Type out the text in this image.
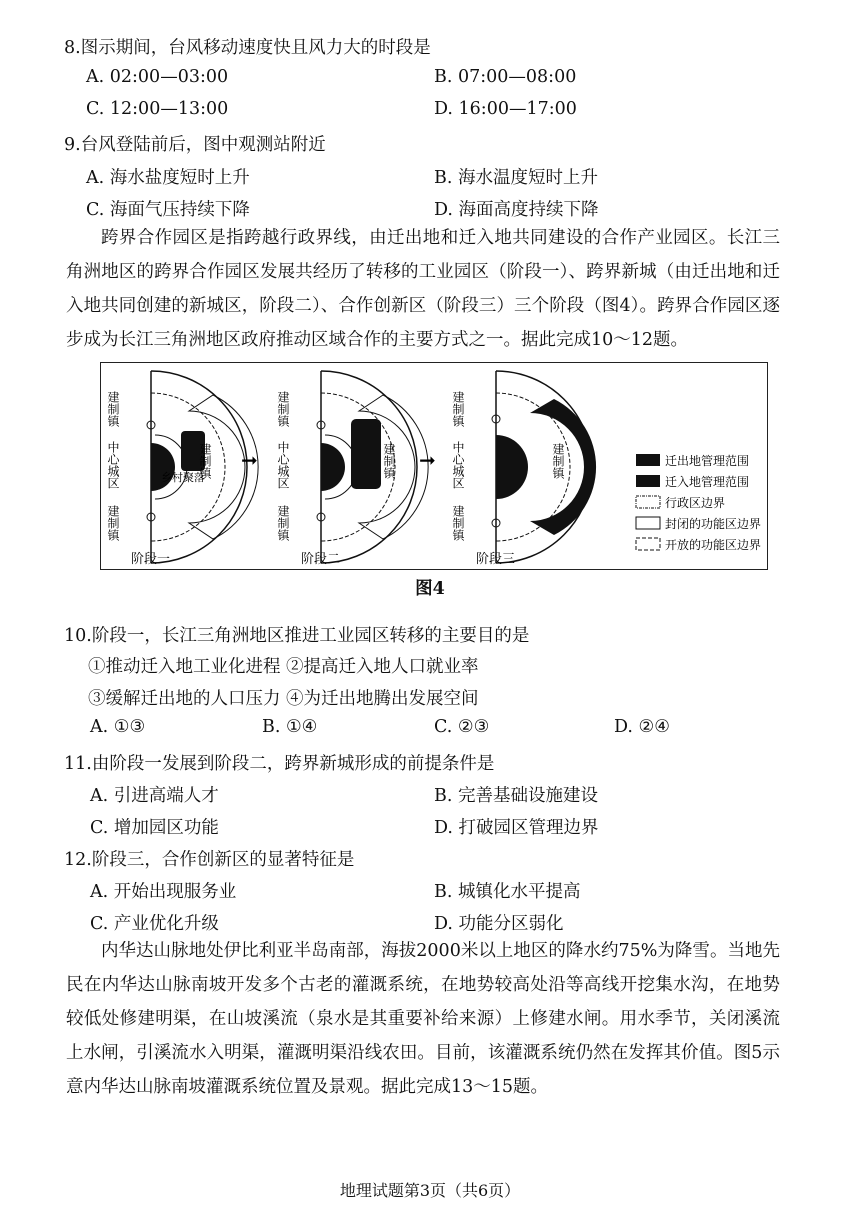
8.图示期间，台风移动速度快且风力大的时段是
A. 02:00—03:00	B. 07:00—08:00
C. 12:00—13:00	D. 16:00—17:00
9.台风登陆前后，图中观测站附近
A. 海水盐度短时上升	B. 海水温度短时上升
C. 海面气压持续下降	D. 海面高度持续下降

跨界合作园区是指跨越行政界线，由迁出地和迁入地共同建设的合作产业园区。长江三角洲地区的跨界合作园区发展共经历了转移的工业园区（阶段一）、跨界新城（由迁出地和迁入地共同创建的新城区，阶段二）、合作创新区（阶段三）三个阶段（图4）。跨界合作园区逐步成为长江三角洲地区政府推动区域合作的主要方式之一。据此完成10～12题。

建制镇
中心城区
建制镇
建制镇
乡村聚落
阶段一
➞
建制镇
中心城区
建制镇
建制镇
阶段二
➞
建制镇
中心城区
建制镇
建制镇
阶段三
迁出地管理范围
迁入地管理范围
行政区边界
封闭的功能区边界
开放的功能区边界
图4
10.阶段一，长江三角洲地区推进工业园区转移的主要目的是
①推动迁入地工业化进程 ②提高迁入地人口就业率
③缓解迁出地的人口压力 ④为迁出地腾出发展空间
A. ①③	B. ①④	C. ②③	D. ②④
11.由阶段一发展到阶段二，跨界新城形成的前提条件是
A. 引进高端人才	B. 完善基础设施建设
C. 增加园区功能	D. 打破园区管理边界
12.阶段三，合作创新区的显著特征是
A. 开始出现服务业	B. 城镇化水平提高
C. 产业优化升级	D. 功能分区弱化

内华达山脉地处伊比利亚半岛南部，海拔2000米以上地区的降水约75%为降雪。当地先民在内华达山脉南坡开发多个古老的灌溉系统，在地势较高处沿等高线开挖集水沟，在地势较低处修建明渠，在山坡溪流（泉水是其重要补给来源）上修建水闸。用水季节，关闭溪流上水闸，引溪流水入明渠，灌溉明渠沿线农田。目前，该灌溉系统仍然在发挥其价值。图5示意内华达山脉南坡灌溉系统位置及景观。据此完成13～15题。

地理试题第3页（共6页）
